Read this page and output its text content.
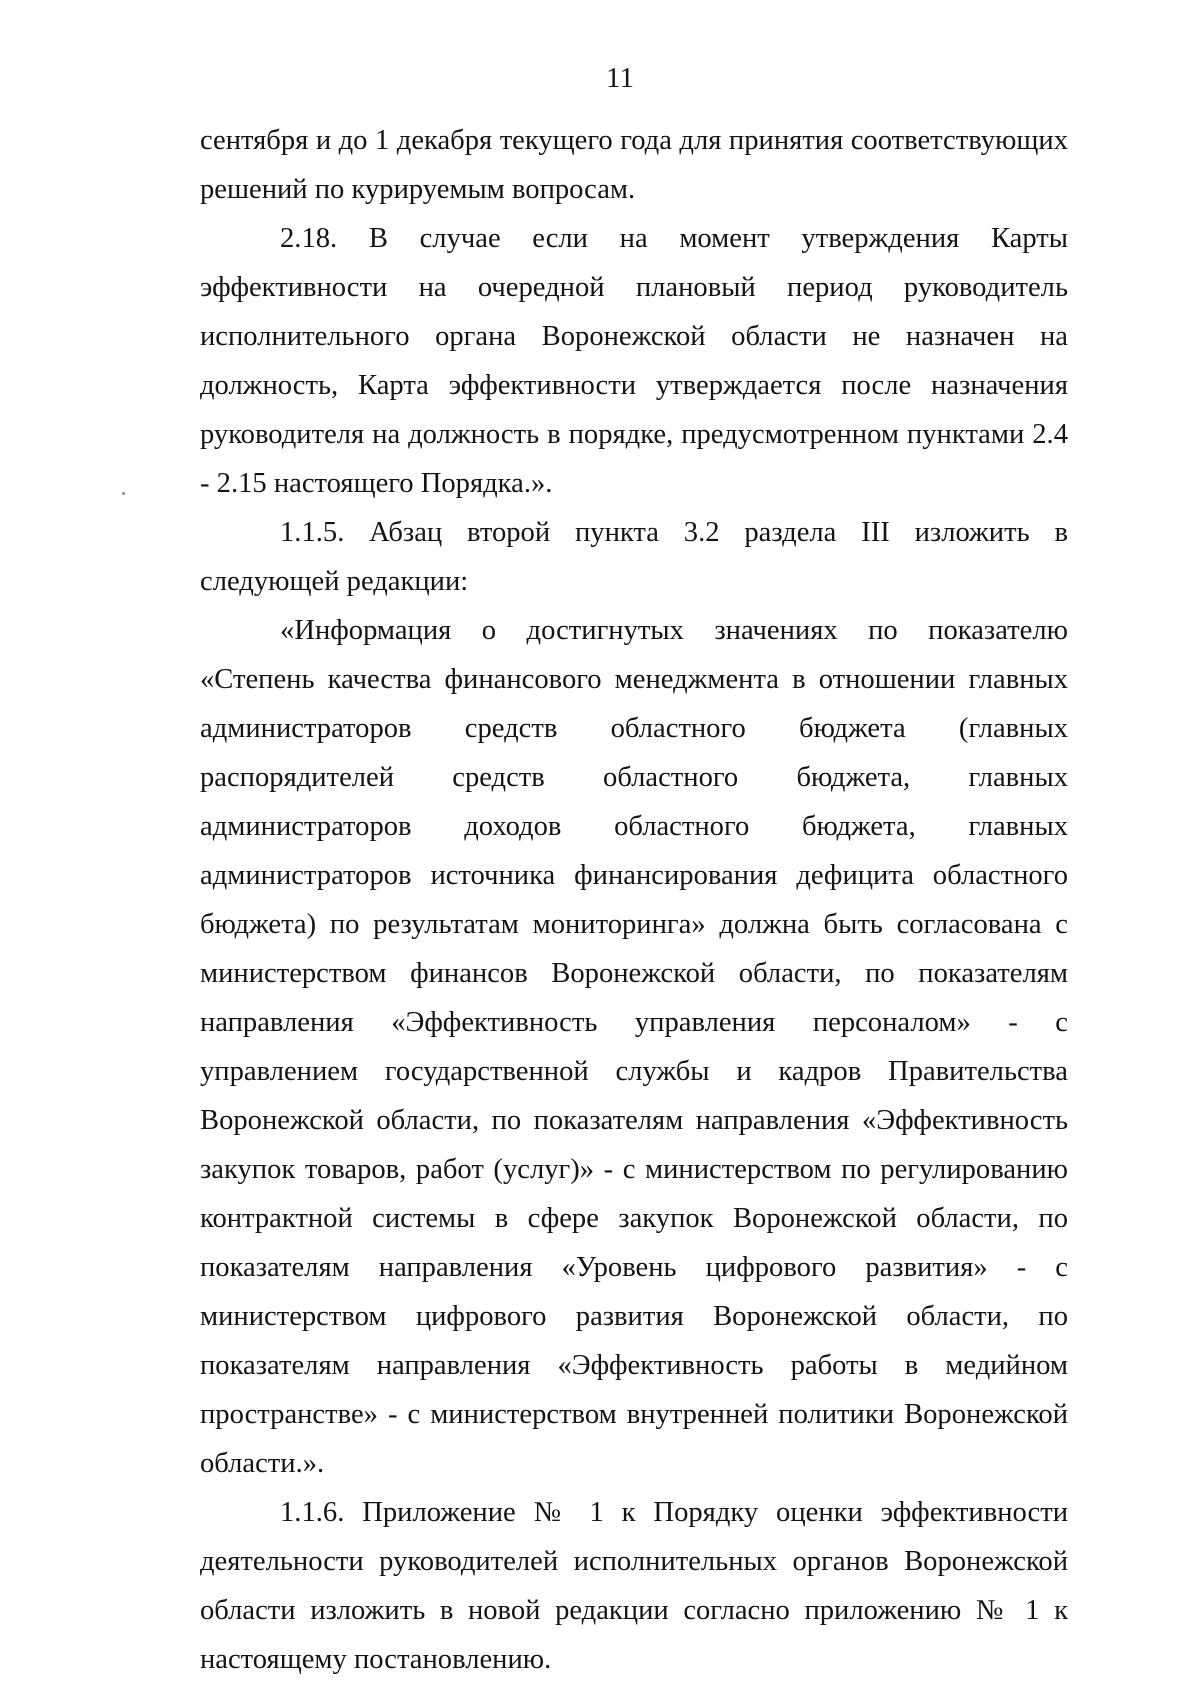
11

сентября и до 1 декабря текущего года для принятия соответствующих решений по курируемым вопросам.

2.18. В случае если на момент утверждения Карты эффективности на очередной плановый период руководитель исполнительного органа Воронежской области не назначен на должность, Карта эффективности утверждается после назначения руководителя на должность в порядке, предусмотренном пунктами 2.4 - 2.15 настоящего Порядка.».

1.1.5. Абзац второй пункта 3.2 раздела III изложить в следующей редакции:

«Информация о достигнутых значениях по показателю «Степень качества финансового менеджмента в отношении главных администраторов средств областного бюджета (главных распорядителей средств областного бюджета, главных администраторов доходов областного бюджета, главных администраторов источника финансирования дефицита областного бюджета) по результатам мониторинга» должна быть согласована с министерством финансов Воронежской области, по показателям направления «Эффективность управления персоналом» - с управлением государственной службы и кадров Правительства Воронежской области, по показателям направления «Эффективность закупок товаров, работ (услуг)» - с министерством по регулированию контрактной системы в сфере закупок Воронежской области, по показателям направления «Уровень цифрового развития» - с министерством цифрового развития Воронежской области, по показателям направления «Эффективность работы в медийном пространстве» - с министерством внутренней политики Воронежской области.».

1.1.6. Приложение № 1 к Порядку оценки эффективности деятельности руководителей исполнительных органов Воронежской области изложить в новой редакции согласно приложению № 1 к настоящему постановлению.
